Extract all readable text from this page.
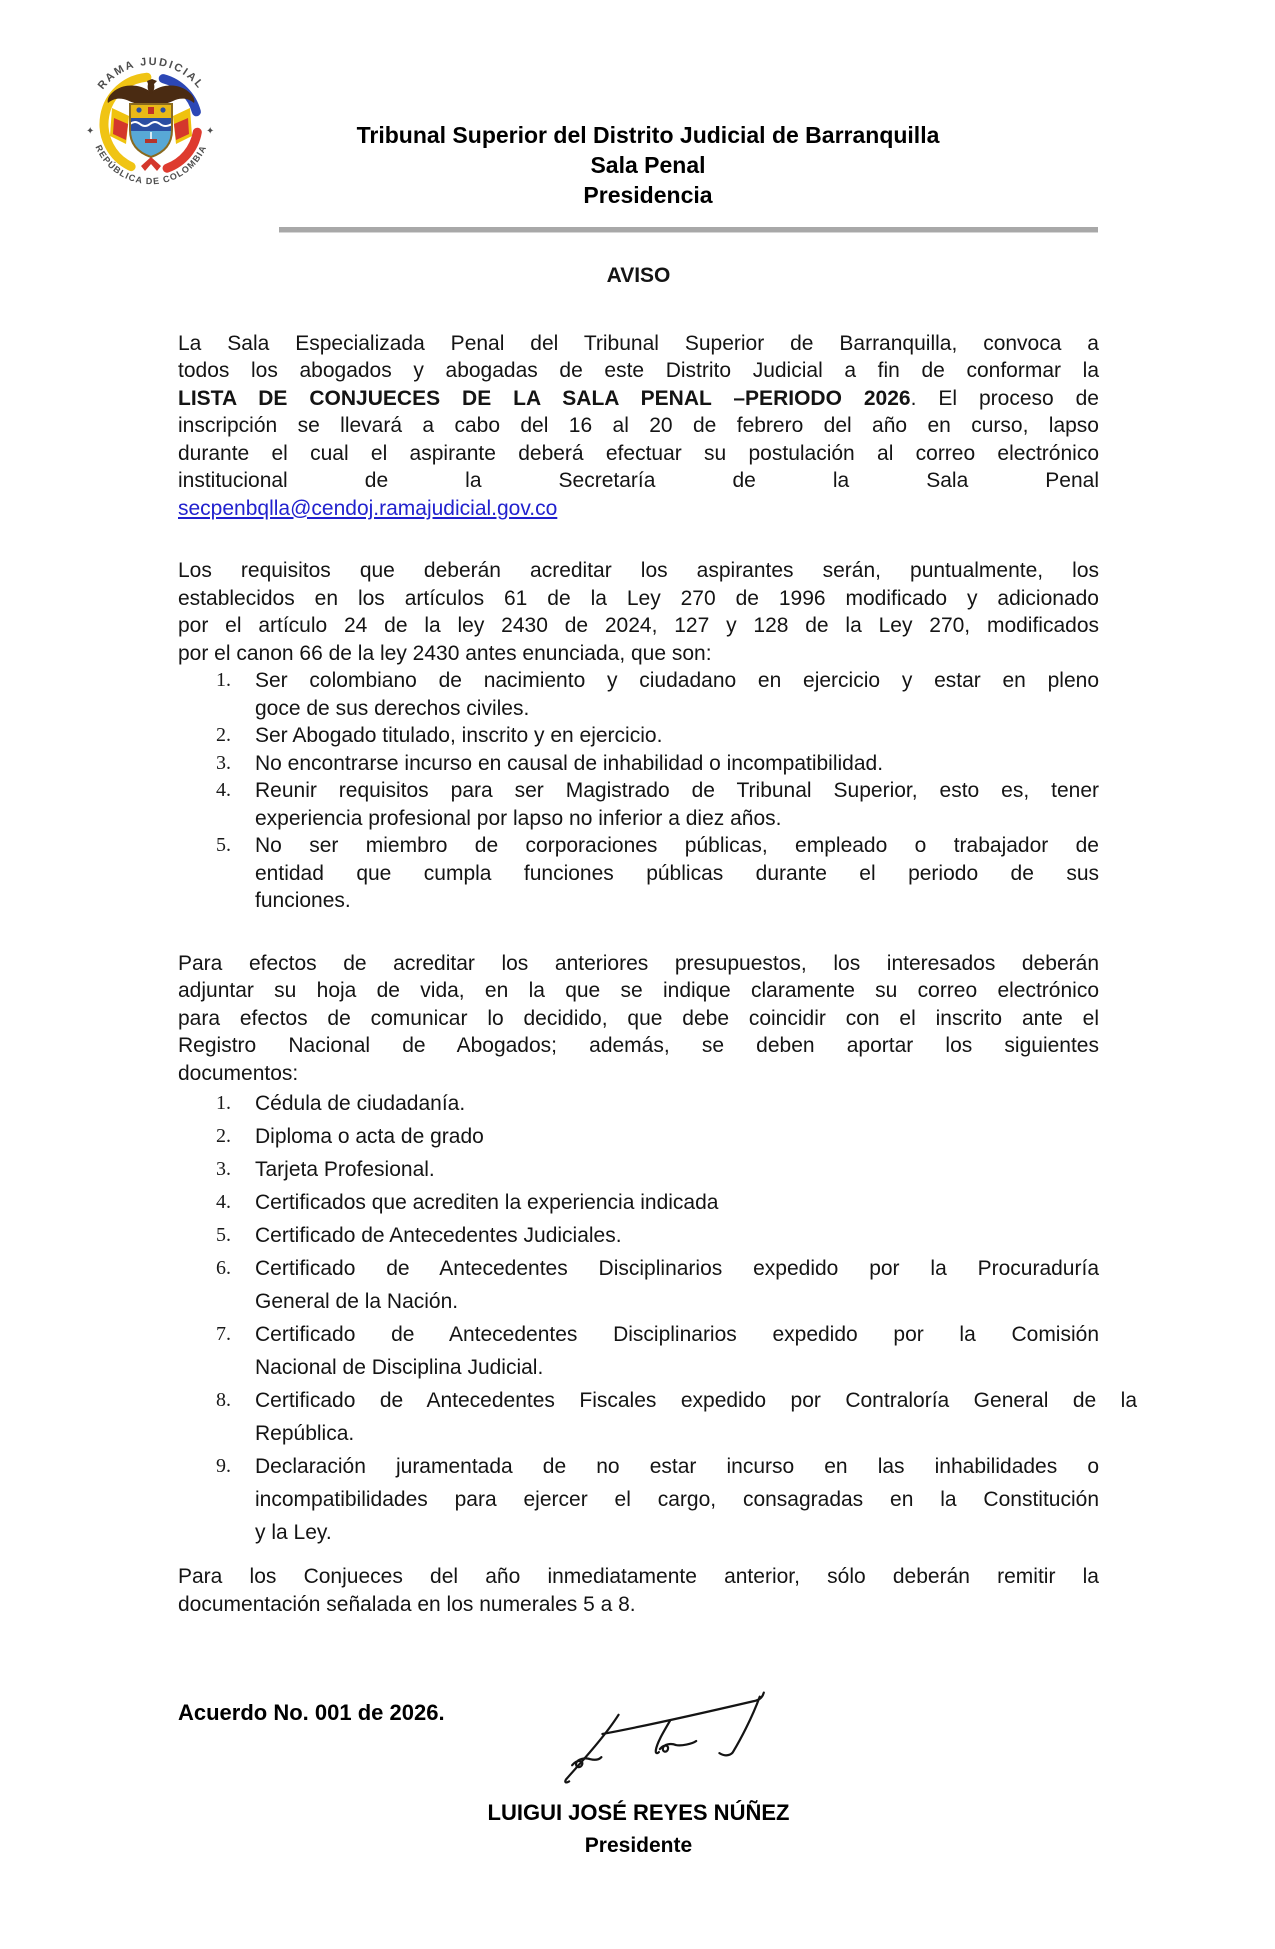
RAMA JUDICIAL
REPÚBLICA DE COLOMBIA
✦	✦	Tribunal Superior del Distrito Judicial de Barranquilla
Sala Penal
Presidencia
AVISO
La Sala Especializada Penal del Tribunal Superior de Barranquilla, convoca a
todos los abogados y abogadas de este Distrito Judicial a fin de conformar la
LISTA DE CONJUECES DE LA SALA PENAL –PERIODO 2026. El proceso de
inscripción se llevará a cabo del 16 al 20 de febrero del año en curso, lapso
durante el cual el aspirante deberá efectuar su postulación al correo electrónico
institucional de la Secretaría de la Sala Penal
secpenbqlla@cendoj.ramajudicial.gov.co
Los requisitos que deberán acreditar los aspirantes serán, puntualmente, los
establecidos en los artículos 61 de la Ley 270 de 1996 modificado y adicionado
por el artículo 24 de la ley 2430 de 2024, 127 y 128 de la Ley 270, modificados
por el canon 66 de la ley 2430 antes enunciada, que son:
1.	Ser colombiano de nacimiento y ciudadano en ejercicio y estar en pleno
goce de sus derechos civiles.
2.	Ser Abogado titulado, inscrito y en ejercicio.
3.	No encontrarse incurso en causal de inhabilidad o incompatibilidad.
4.	Reunir requisitos para ser Magistrado de Tribunal Superior, esto es, tener
experiencia profesional por lapso no inferior a diez años.
5.	No ser miembro de corporaciones públicas, empleado o trabajador de
entidad que cumpla funciones públicas durante el periodo de sus
funciones.
Para efectos de acreditar los anteriores presupuestos, los interesados deberán
adjuntar su hoja de vida, en la que se indique claramente su correo electrónico
para efectos de comunicar lo decidido, que debe coincidir con el inscrito ante el
Registro Nacional de Abogados; además, se deben aportar los siguientes
documentos:
1.	Cédula de ciudadanía.
2.	Diploma o acta de grado
3.	Tarjeta Profesional.
4.	Certificados que acrediten la experiencia indicada
5.	Certificado de Antecedentes Judiciales.
6.	Certificado de Antecedentes Disciplinarios expedido por la Procuraduría
General de la Nación.
7.	Certificado de Antecedentes Disciplinarios expedido por la Comisión
Nacional de Disciplina Judicial.
8.	Certificado de Antecedentes Fiscales expedido por Contraloría General de la
República.
9.	Declaración juramentada de no estar incurso en las inhabilidades o
incompatibilidades para ejercer el cargo, consagradas en la Constitución
y la Ley.
Para los Conjueces del año inmediatamente anterior, sólo deberán remitir la
documentación señalada en los numerales 5 a 8.
Acuerdo No. 001 de 2026.
LUIGUI JOSÉ REYES NÚÑEZ
Presidente
